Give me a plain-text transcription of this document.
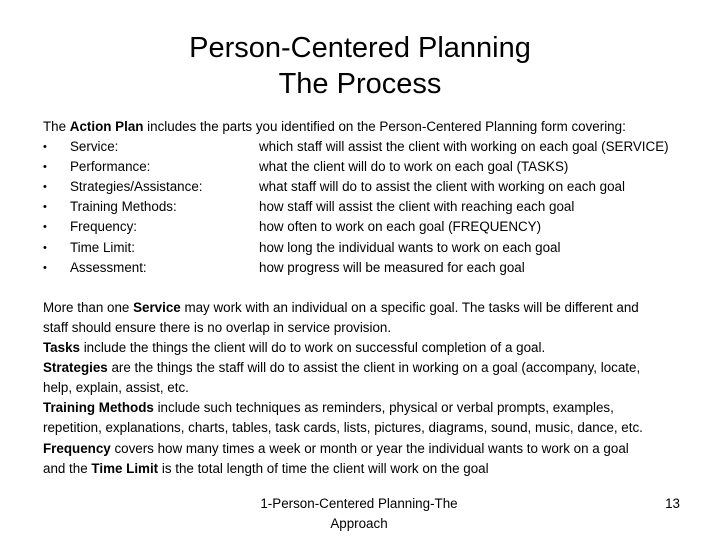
Person-Centered Planning
The Process
The Action Plan includes the parts you identified on the Person-Centered Planning form covering:
• Service:	which staff will assist the client with working on each goal (SERVICE)
• Performance:	what the client will do to work on each goal (TASKS)
• Strategies/Assistance:	what staff will do to assist the client with working on each goal
• Training Methods:	how staff will assist the client with reaching each goal
• Frequency:	how often to work on each goal (FREQUENCY)
• Time Limit:	how long the individual wants to work on each goal
• Assessment:	how progress will be measured for each goal
More than one Service may work with an individual on a specific goal. The tasks will be different and
staff should ensure there is no overlap in service provision.
Tasks include the things the client will do to work on successful completion of a goal.
Strategies are the things the staff will do to assist the client in working on a goal (accompany, locate,
help, explain, assist, etc.
Training Methods include such techniques as reminders, physical or verbal prompts, examples,
repetition, explanations, charts, tables, task cards, lists, pictures, diagrams, sound, music, dance, etc.
Frequency covers how many times a week or month or year the individual wants to work on a goal
and the Time Limit is the total length of time the client will work on the goal
1-Person-Centered Planning-The Approach
13
